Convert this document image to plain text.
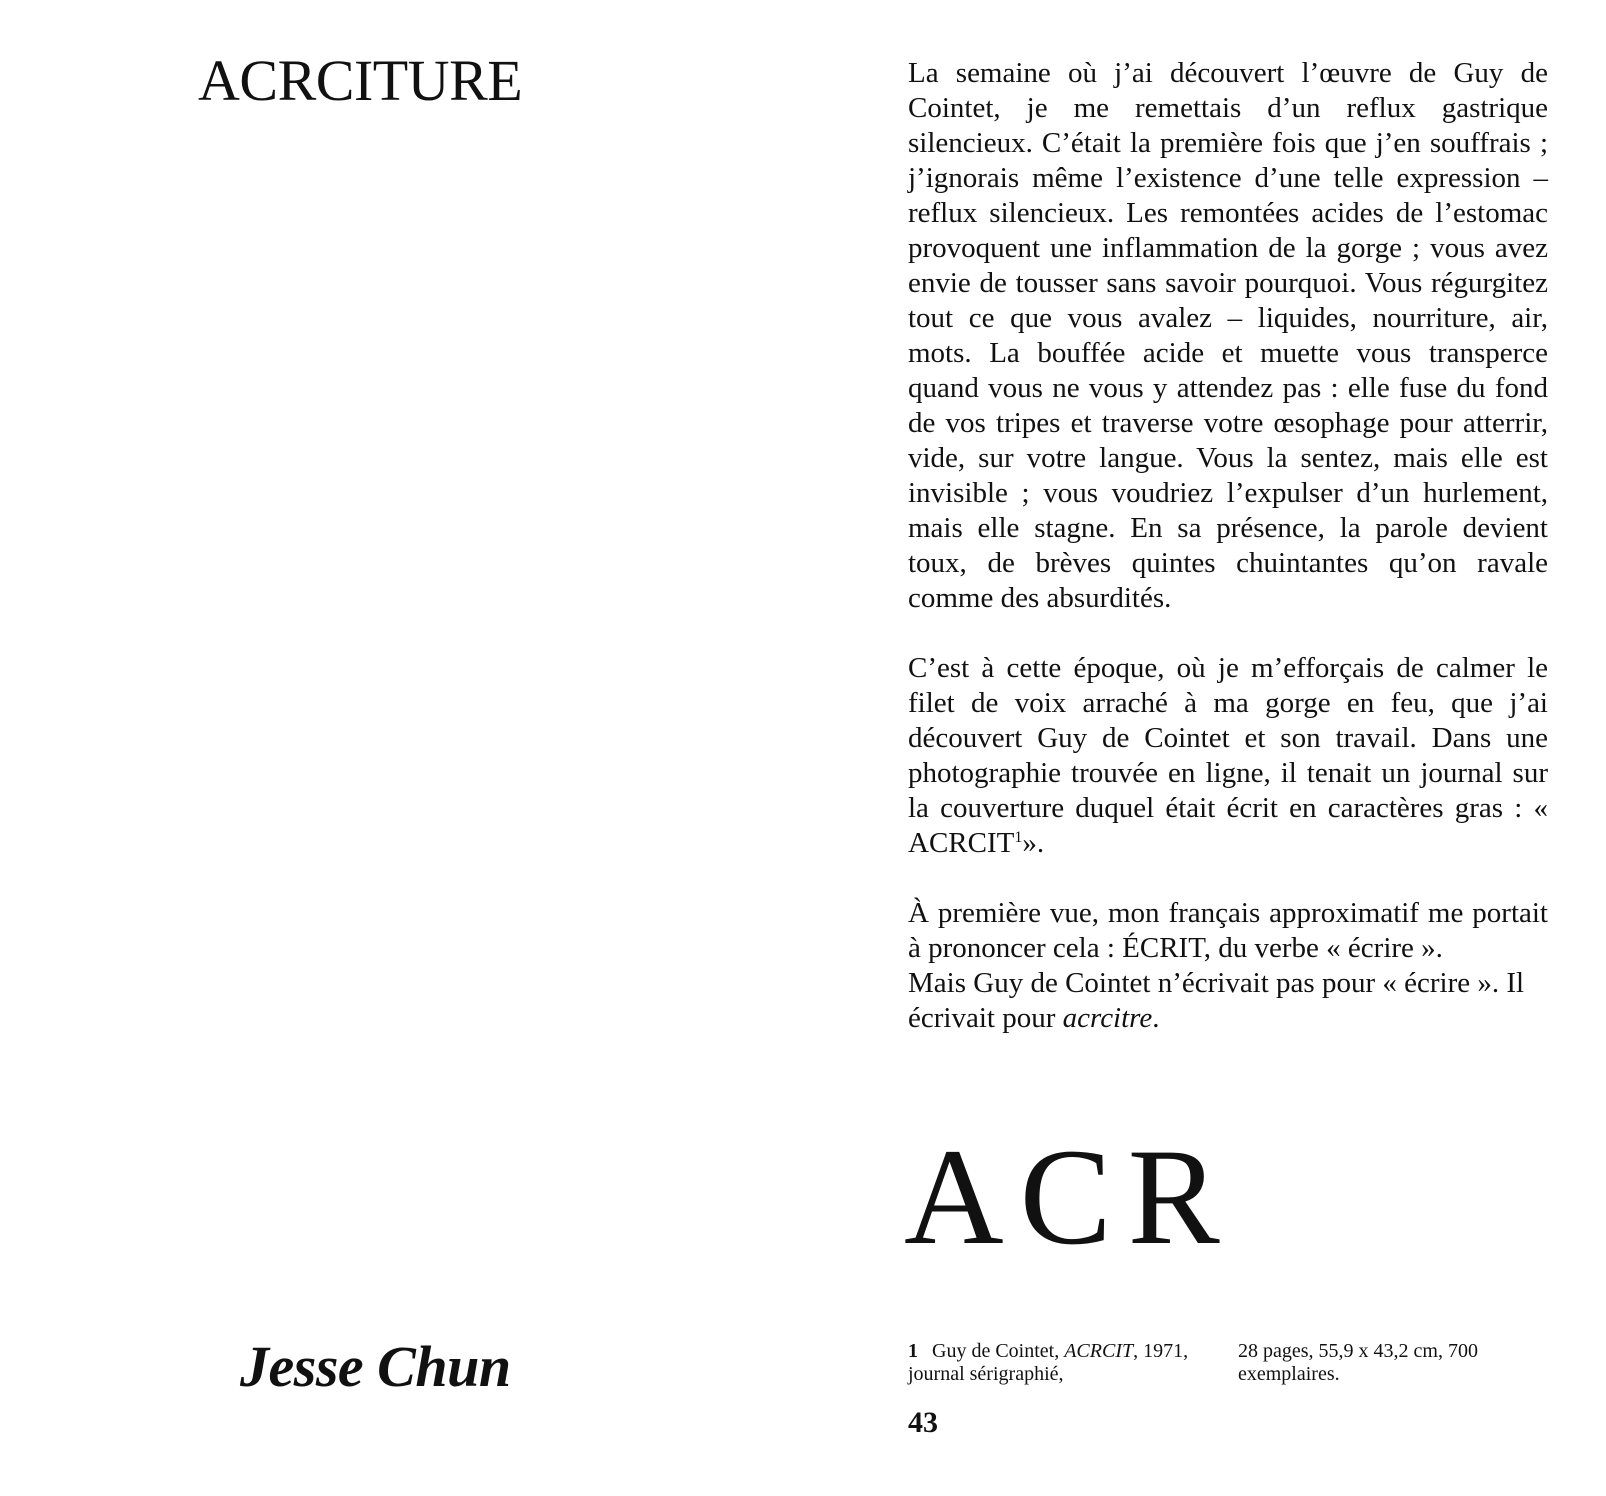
ACRCITURE
Jesse Chun

La semaine où j’ai découvert l’œuvre de Guy de Cointet, je me remettais d’un reflux gastrique silencieux. C’était la première fois que j’en souffrais ; j’ignorais même l’existence d’une telle expression – reflux silencieux. Les remontées acides de l’estomac provoquent une inflammation de la gorge ; vous avez envie de tousser sans savoir pourquoi. Vous régurgitez tout ce que vous avalez – liquides, nourriture, air, mots. La bouffée acide et muette vous transperce quand vous ne vous y attendez pas : elle fuse du fond de vos tripes et traverse votre œsophage pour atterrir, vide, sur votre langue. Vous la sentez, mais elle est invisible ; vous voudriez l’expulser d’un hurlement, mais elle stagne. En sa présence, la parole devient toux, de brèves quintes chuintantes qu’on ravale comme des absurdités.

C’est à cette époque, où je m’efforçais de calmer le filet de voix arraché à ma gorge en feu, que j’ai découvert Guy de Cointet et son travail. Dans une photographie trouvée en ligne, il tenait un journal sur la couverture duquel était écrit en caractères gras : « ACRCIT$^1$».

À première vue, mon français approximatif me portait à prononcer cela : ÉCRIT, du verbe « écrire ».

Mais Guy de Cointet n’écrivait pas pour « écrire ». Il écrivait pour acrcitre.

ACR
1 Guy de Cointet, ACRCIT, 1971, journal sérigraphié,
28 pages, 55,9 x 43,2 cm, 700 exemplaires.
43
